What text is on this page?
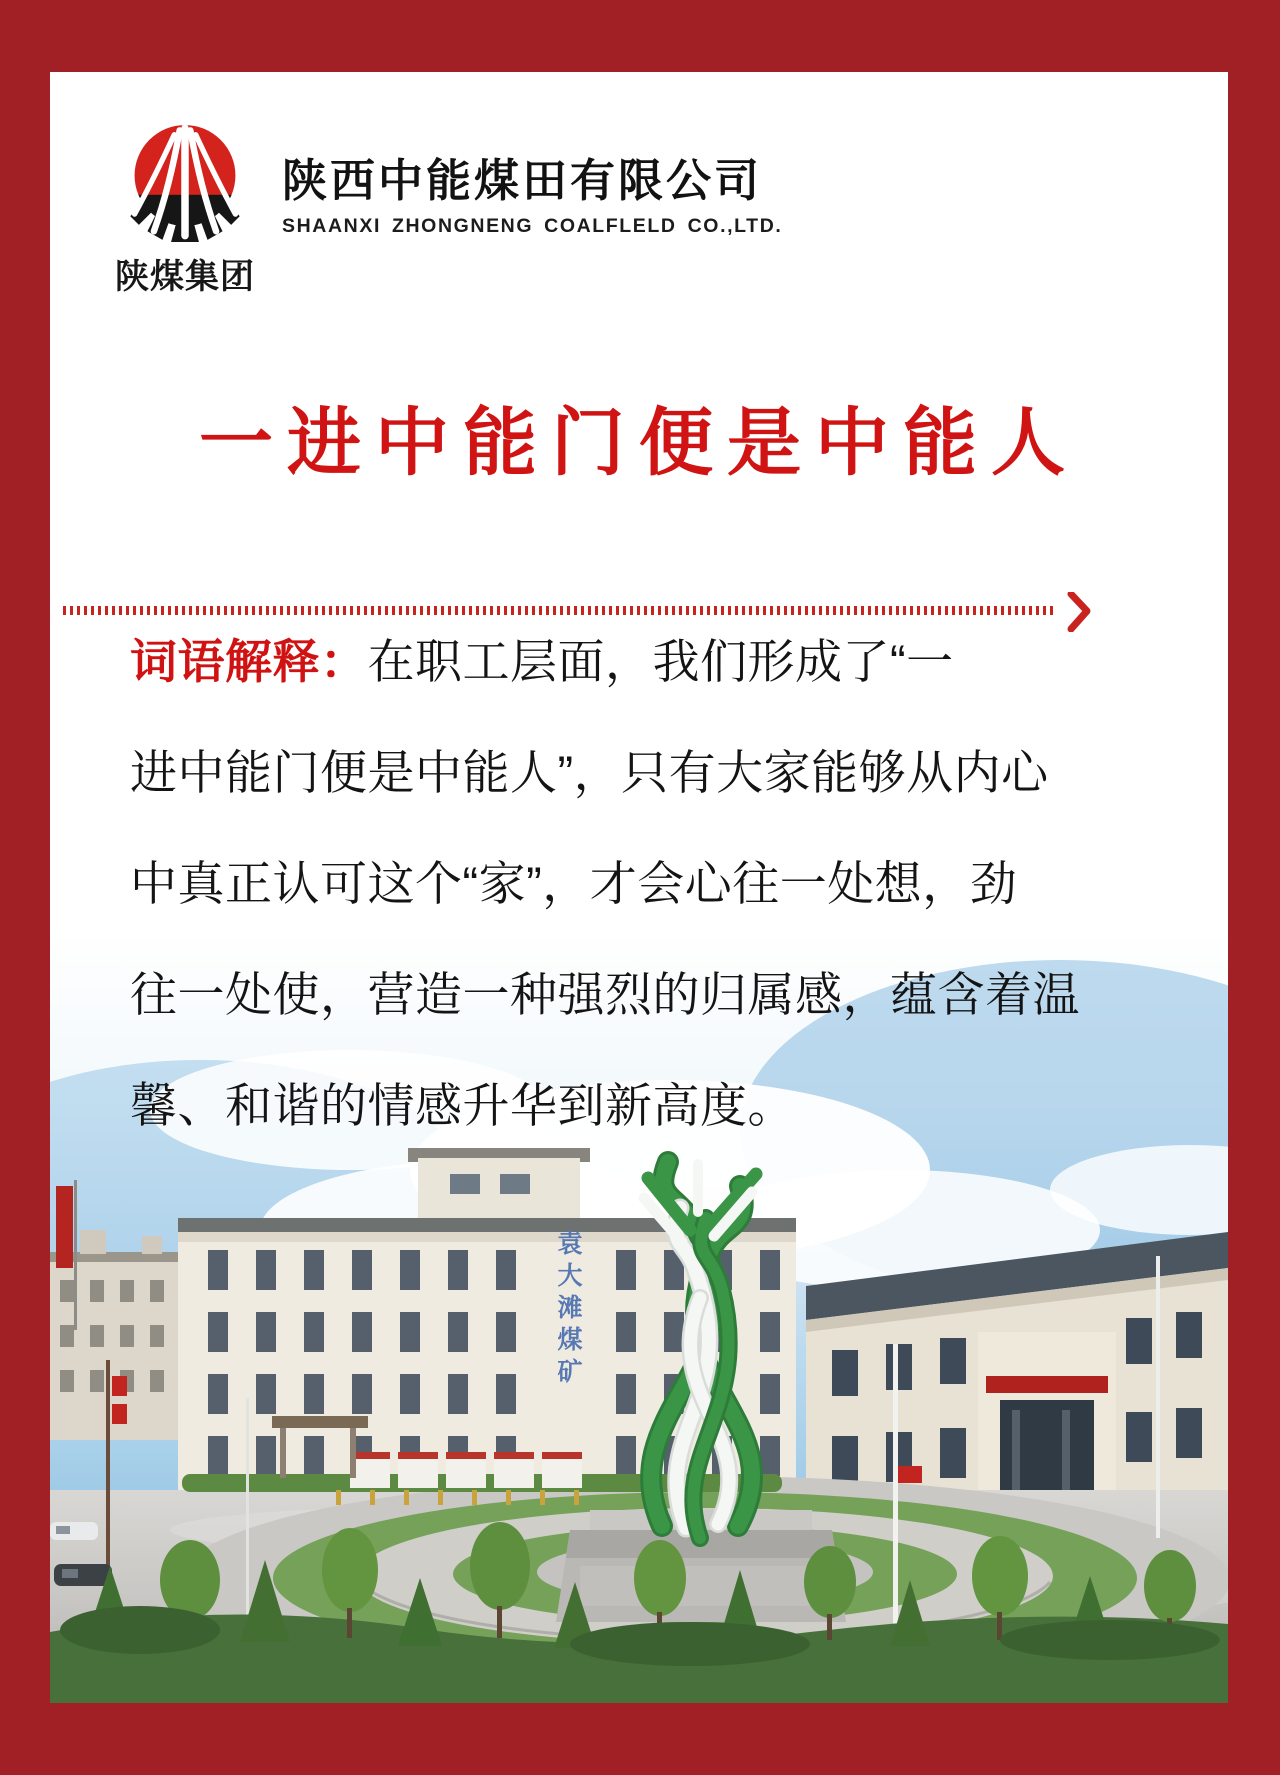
陕煤集团
陕西中能煤田有限公司
SHAANXI ZHONGNENG COALFLELD CO.,LTD.
一进中能门便是中能人
词语解释：在职工层面，我们形成了“一
进中能门便是中能人”，只有大家能够从内心
中真正认可这个“家”，才会心往一处想，劲
往一处使，营造一种强烈的归属感，蕴含着温
馨、和谐的情感升华到新高度。
袁大滩煤矿
